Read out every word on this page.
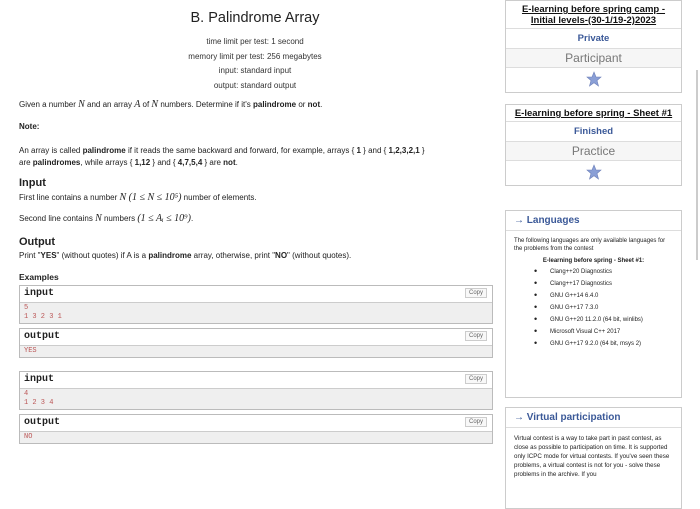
B. Palindrome Array
time limit per test: 1 second
memory limit per test: 256 megabytes
input: standard input
output: standard output
Given a number N and an array A of N numbers. Determine if it's palindrome or not.
Note:
An array is called palindrome if it reads the same backward and forward, for example, arrays { 1 } and { 1,2,3,2,1 }
are palindromes, while arrays { 1,12 } and { 4,7,5,4 } are not.
Input
First line contains a number N (1 ≤ N ≤ 10⁵) number of elements.
Second line contains N numbers (1 ≤ Aᵢ ≤ 10⁹).
Output
Print "YES" (without quotes) if A is a palindrome array, otherwise, print "NO" (without quotes).
Examples
input	Copy
5
1 3 2 3 1
output	Copy
YES
input	Copy
4
1 2 3 4
output	Copy
NO
E-learning before spring camp - Initial levels-(30-1/19-2)2023
Private
Participant
E-learning before spring - Sheet #1
Finished
Practice
→ Languages
The following languages are only available languages for the problems from the contest
E-learning before spring - Sheet #1:
• Clang++20 Diagnostics
• Clang++17 Diagnostics
• GNU G++14 6.4.0
• GNU G++17 7.3.0
• GNU G++20 11.2.0 (64 bit, winlibs)
• Microsoft Visual C++ 2017
• GNU G++17 9.2.0 (64 bit, msys 2)
→ Virtual participation
Virtual contest is a way to take part in past contest, as close as possible to participation on time. It is supported only ICPC mode for virtual contests. If you've seen these problems, a virtual contest is not for you - solve these problems in the archive. If you
